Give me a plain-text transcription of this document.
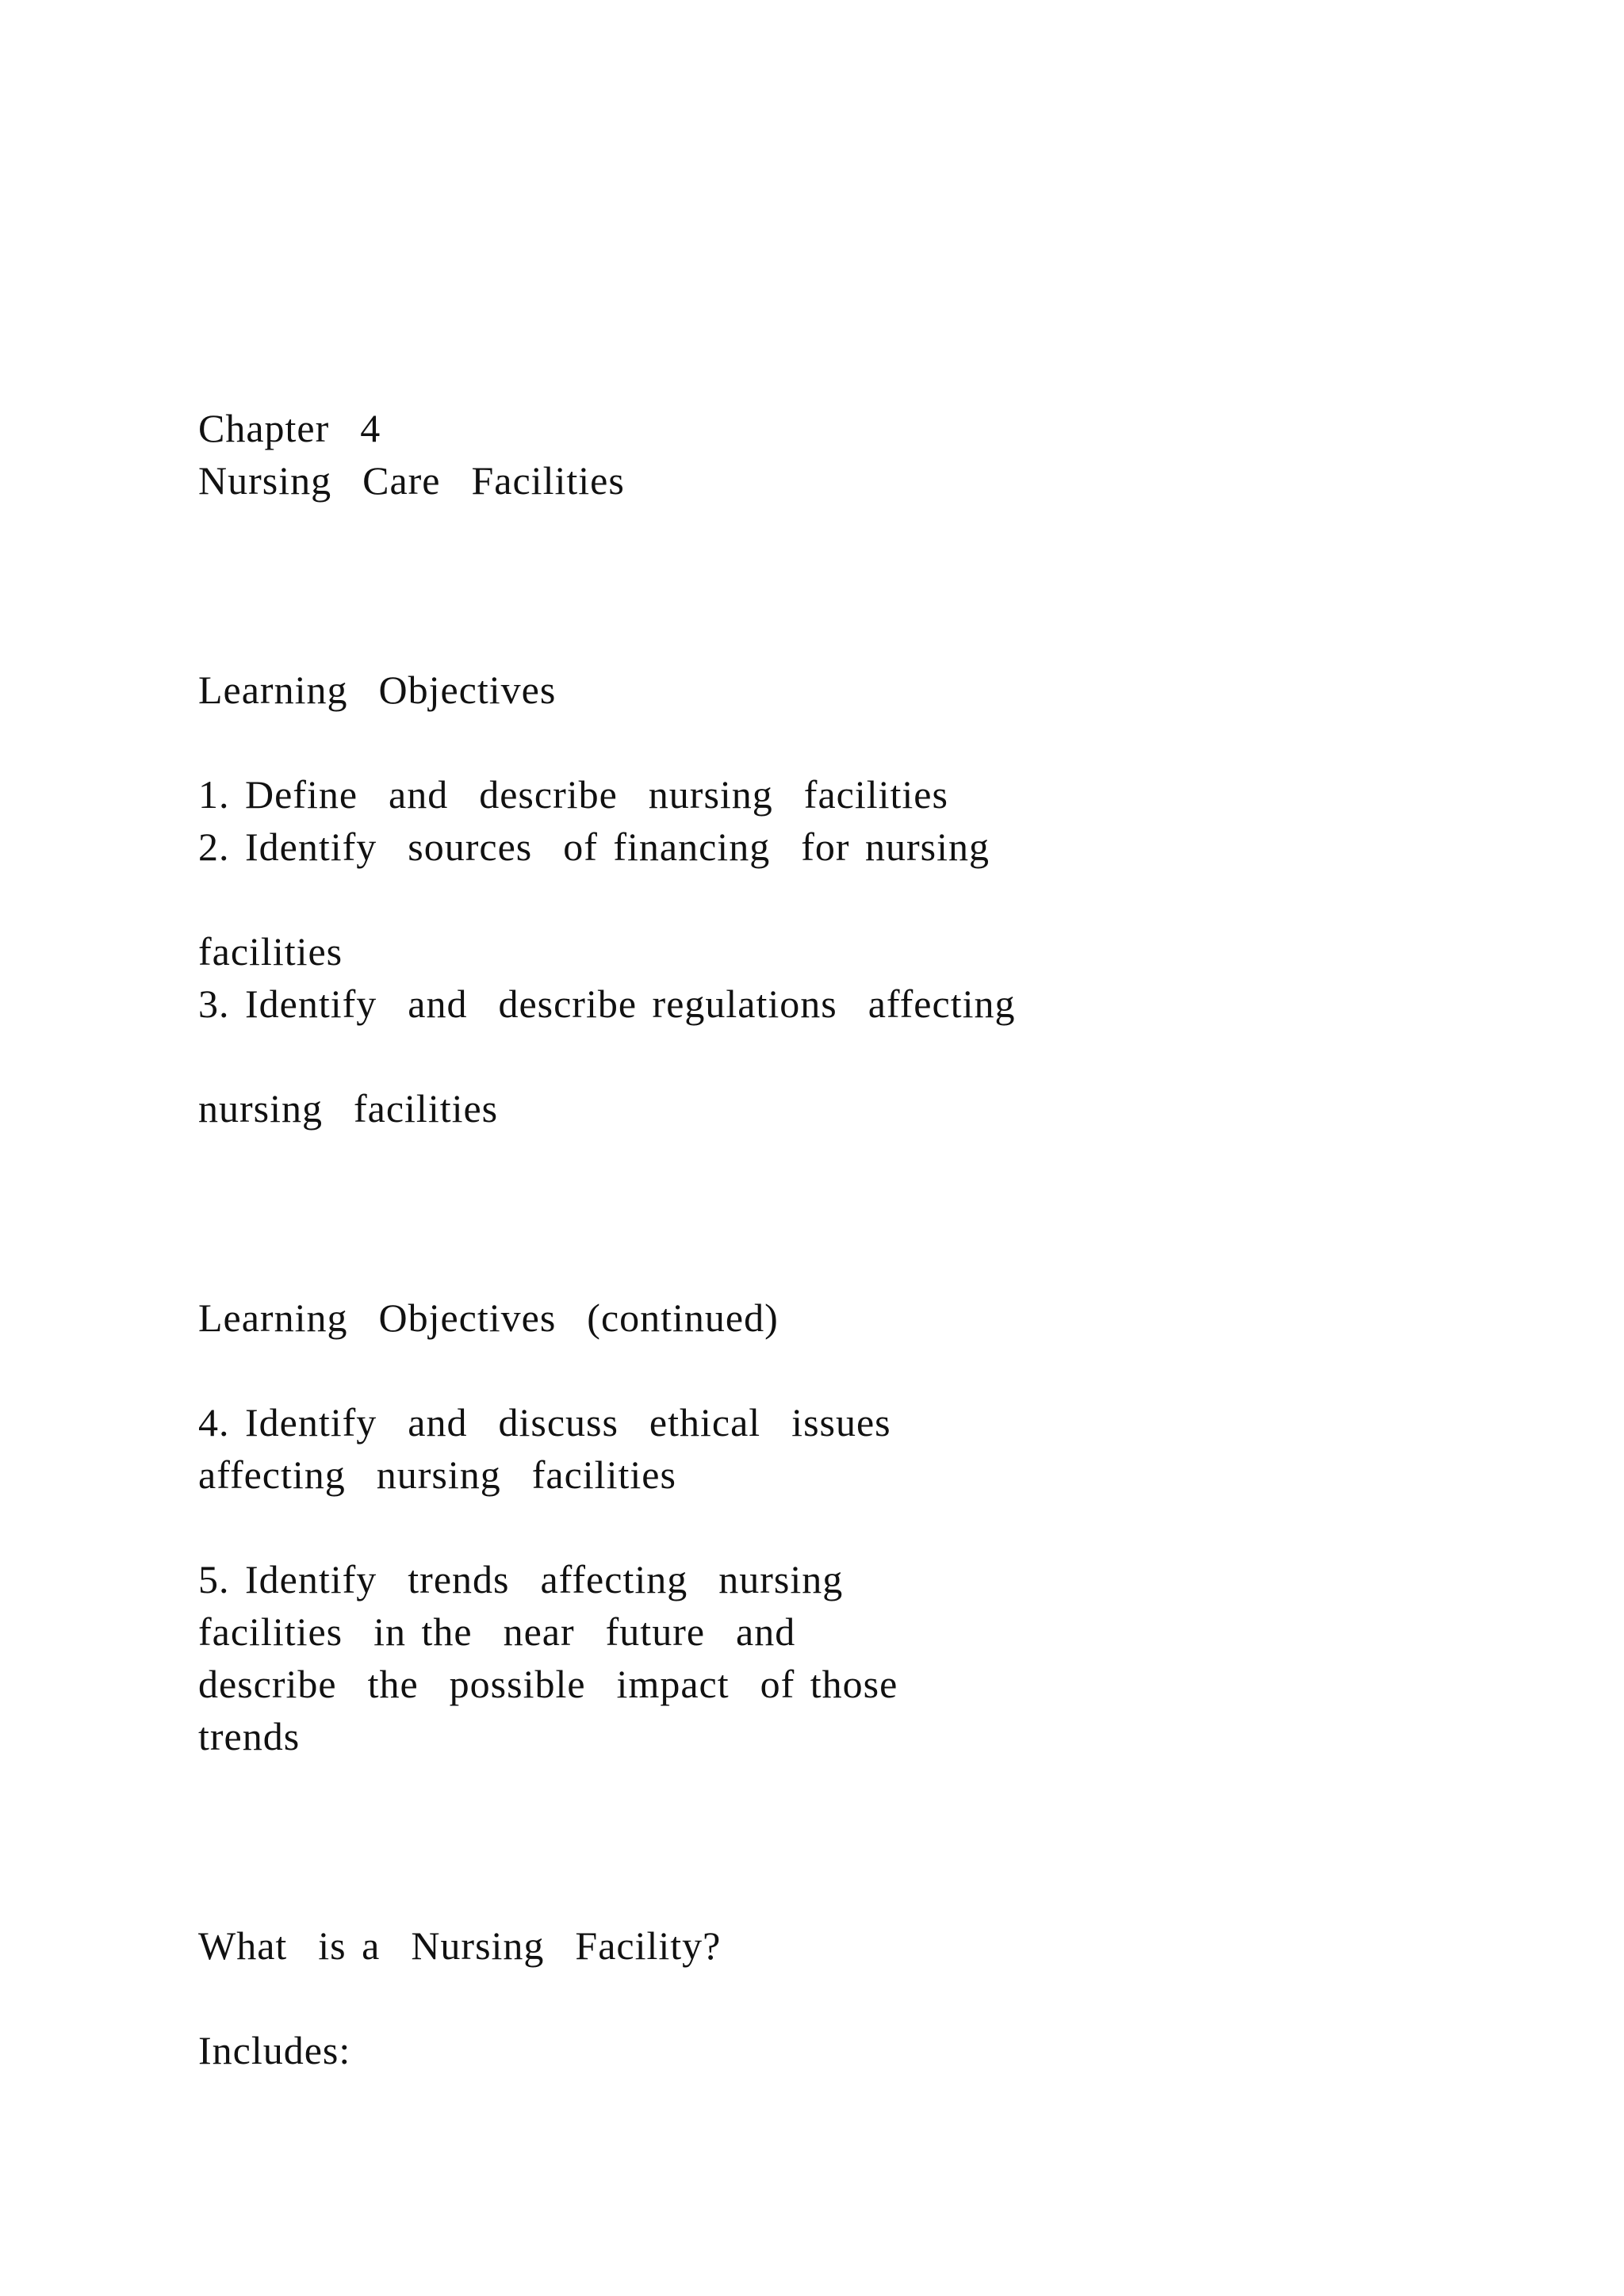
Chapter  4

Nursing  Care  Facilities

Learning  Objectives

1. Define  and  describe  nursing  facilities

2. Identify  sources  of financing  for nursing

facilities

3. Identify  and  describe regulations  affecting

nursing  facilities

Learning  Objectives  (continued)

4. Identify  and  discuss  ethical  issues

affecting  nursing  facilities

5. Identify  trends  affecting  nursing

facilities  in the  near  future  and

describe  the  possible  impact  of those

trends

What  is a  Nursing  Facility?

Includes:
